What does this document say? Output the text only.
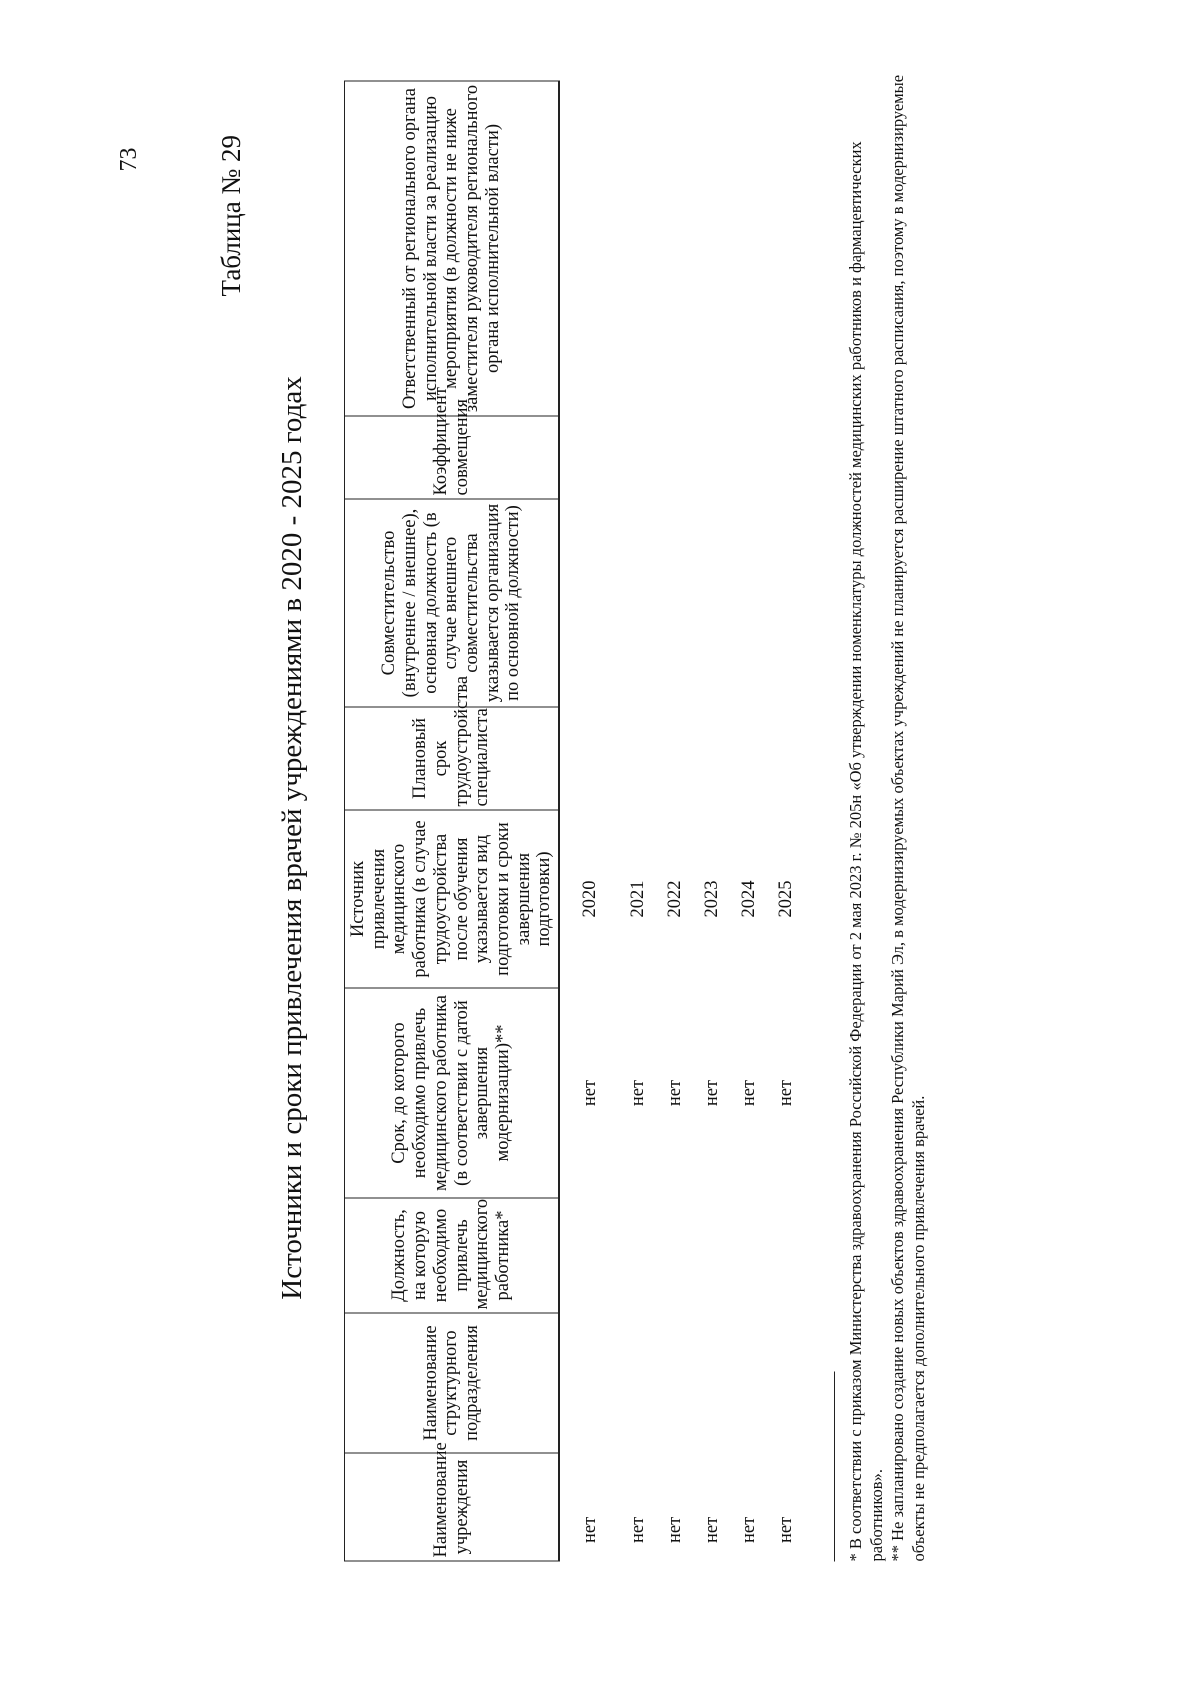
73	Таблица № 29
Источники и сроки привлечения врачей учреждениями в 2020 - 2025 годах
Наименование учреждения	Наименование структурного подразделения	Должность, на которую необходимо привлечь медицинского работника*	Срок, до которого необходимо привлечь медицинского работника (в соответствии с датой завершения модернизации)**	Источник привлечения медицинского работника (в случае трудоустройства после обучения указывается вид подготовки и сроки завершения подготовки)	Плановый срок трудоустройства специалиста	Совместительство (внутреннее / внешнее), основная должность (в случае внешнего совместительства указывается организация по основной должности)	Коэффициент совмещения	Ответственный от регионального органа исполнительной власти за реализацию мероприятия (в должности не ниже заместителя руководителя регионального органа исполнительной власти)
нет			нет	2020				
нет			нет	2021				
нет			нет	2022				
нет			нет	2023				
нет			нет	2024				
нет			нет	2025					* В соответствии с приказом Министерства здравоохранения Российской Федерации от 2 мая 2023 г. № 205н «Об утверждении номенклатуры должностей медицинских работников и фармацевтических работников». ** Не запланировано создание новых объектов здравоохранения Республики Марий Эл, в модернизируемых объектах учреждений не планируется расширение штатного расписания, поэтому в модернизируемые объекты не предполагается дополнительного привлечения врачей.
